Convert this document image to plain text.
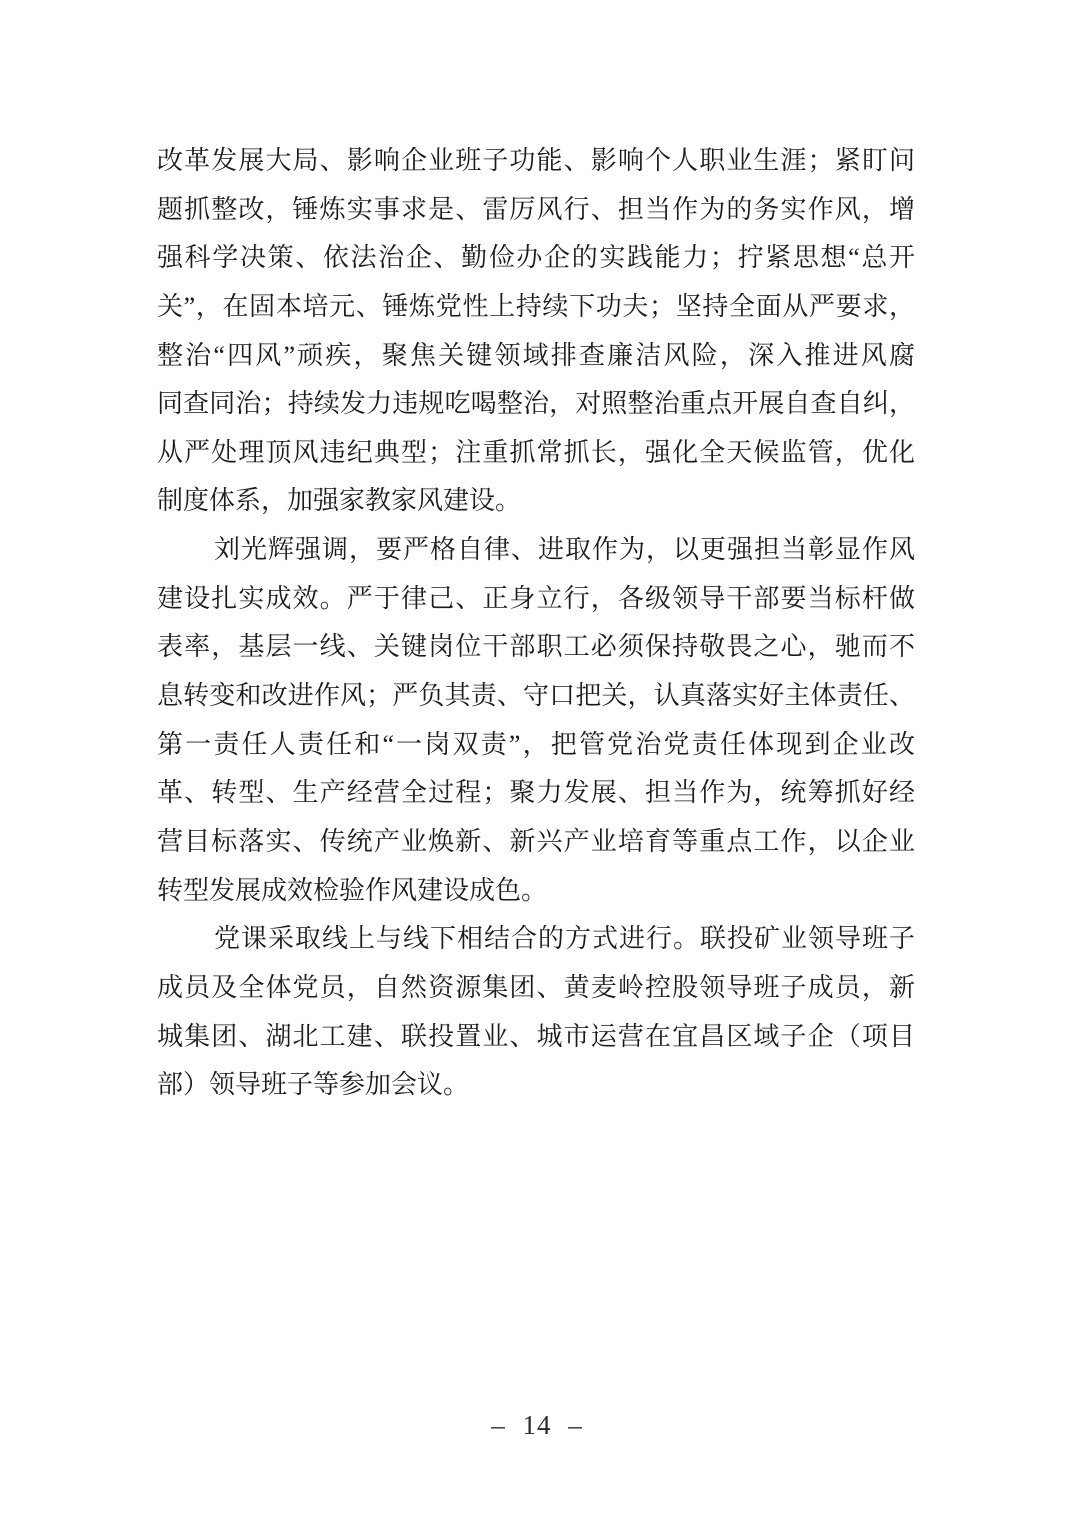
改革发展大局、影响企业班子功能、影响个人职业生涯；紧盯问
题抓整改，锤炼实事求是、雷厉风行、担当作为的务实作风，增
强科学决策、依法治企、勤俭办企的实践能力；拧紧思想“总开
关”，在固本培元、锤炼党性上持续下功夫；坚持全面从严要求，
整治“四风”顽疾，聚焦关键领域排查廉洁风险，深入推进风腐
同查同治；持续发力违规吃喝整治，对照整治重点开展自查自纠，
从严处理顶风违纪典型；注重抓常抓长，强化全天候监管，优化
制度体系，加强家教家风建设。
刘光辉强调，要严格自律、进取作为，以更强担当彰显作风
建设扎实成效。严于律己、正身立行，各级领导干部要当标杆做
表率，基层一线、关键岗位干部职工必须保持敬畏之心，驰而不
息转变和改进作风；严负其责、守口把关，认真落实好主体责任、
第一责任人责任和“一岗双责”，把管党治党责任体现到企业改
革、转型、生产经营全过程；聚力发展、担当作为，统筹抓好经
营目标落实、传统产业焕新、新兴产业培育等重点工作，以企业
转型发展成效检验作风建设成色。
党课采取线上与线下相结合的方式进行。联投矿业领导班子
成员及全体党员，自然资源集团、黄麦岭控股领导班子成员，新
城集团、湖北工建、联投置业、城市运营在宜昌区域子企（项目
部）领导班子等参加会议。
– 14 –
